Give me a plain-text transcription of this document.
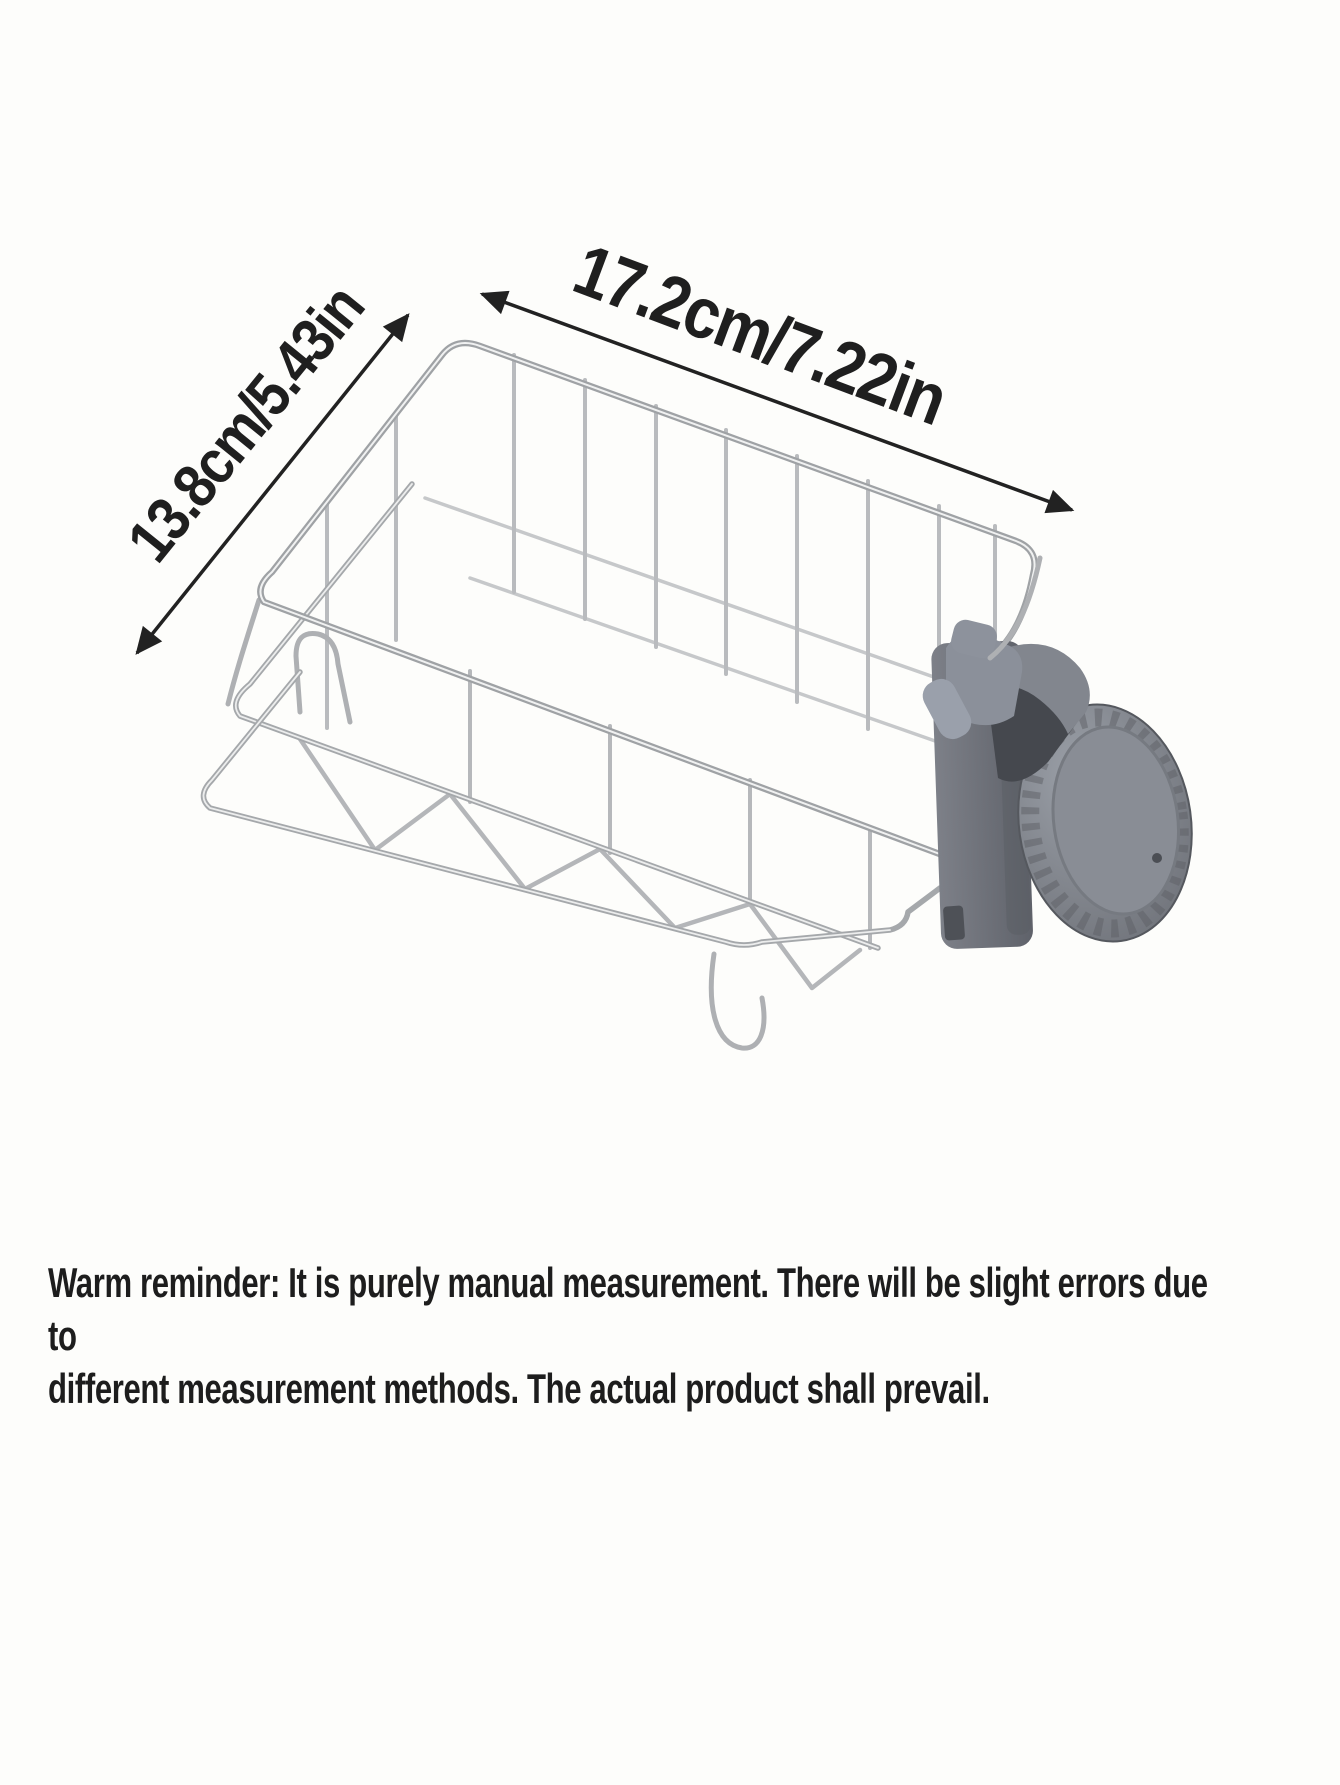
17.2cm/7.22in
13.8cm/5.43in

Warm reminder: It is purely manual measurement. There will be slight errors due to

different measurement methods. The actual product shall prevail.
